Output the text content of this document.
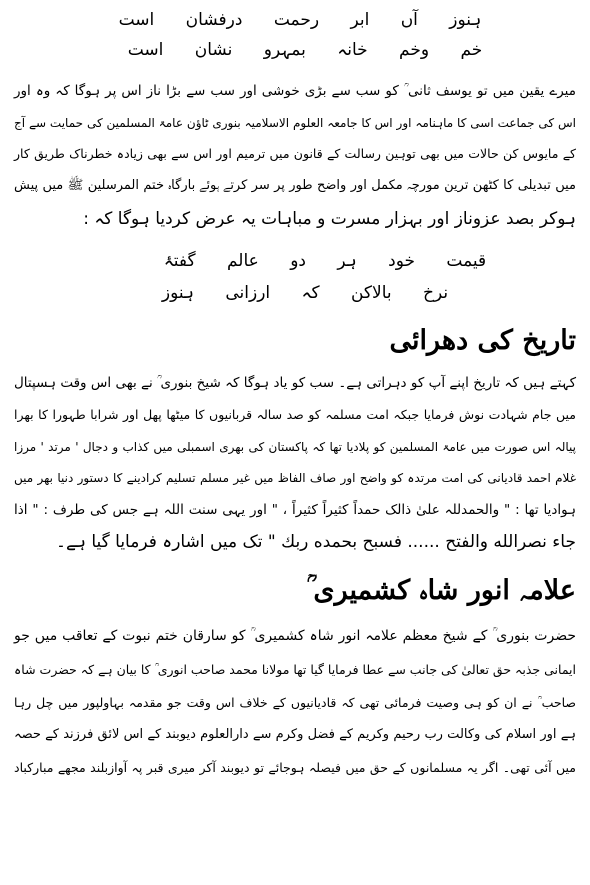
ہنوز آں ابر رحمت درفشان است
خم وخم خانہ بمہرو نشان است
میرے یقین میں تو یوسف ثانی ؒ کو سب سے بڑی خوشی اور سب سے بڑا ناز اس پر ہوگا کہ وہ اور
اس کی جماعت اسی کا ماہنامہ اور اس کا جامعہ العلوم الاسلامیہ بنوری ٹاؤن عامۃ المسلمین کی حمایت سے آج
کے مایوس کن حالات میں بھی توہین رسالت کے قانون میں ترمیم اور اس سے بھی زیادہ خطرناک طریق کار
میں تبدیلی کا کٹھن ترین مورچہ مکمل اور واضح طور پر سر کرتے ہوئے بارگاہ ختم المرسلین ﷺ میں پیش
ہوکر بصد عزوناز اور بہزار مسرت و مباہات یہ عرض کردیا ہوگا کہ :
قیمت خود ہر دو عالم گفتۂ
نرخ بالاکن کہ ارزانی ہنوز
تاریخ کی دھرائی
کہتے ہیں کہ تاریخ اپنے آپ کو دہراتی ہے۔ سب کو یاد ہوگا کہ شیخ بنوری ؒ نے بھی اس وقت ہسپتال
میں جام شہادت نوش فرمایا جبکہ امت مسلمہ کو صد سالہ قربانیوں کا میٹھا پھل اور شرابا طہورا کا بھرا
پیالہ اس صورت میں عامۃ المسلمین کو پلادیا تھا کہ پاکستان کی بھری اسمبلی میں کذاب و دجال ' مرتد ' مرزا
غلام احمد قادیانی کی امت مرتدہ کو واضح اور صاف الفاظ میں غیر مسلم تسلیم کرادینے کا دستور دنیا بھر میں
ہوادیا تھا : " والحمدللہ علیٰ ذالک حمداً کثیراً کثیراً ، " اور یہی سنت اللہ ہے جس کی طرف : " اذا
جاء نصرالله والفتح ...... فسبح بحمده ربك " تک میں اشارہ فرمایا گیا ہے۔
علامہ انور شاہ کشمیری ؒ
حضرت بنوری ؒ کے شیخ معظم علامہ انور شاہ کشمیری ؒ کو سارقان ختم نبوت کے تعاقب میں جو
ایمانی جذبہ حق تعالیٰ کی جانب سے عطا فرمایا گیا تھا مولانا محمد صاحب انوری ؒ کا بیان ہے کہ حضرت شاہ
صاحب ؒ نے ان کو ہی وصیت فرمائی تھی کہ قادیانیوں کے خلاف اس وقت جو مقدمہ بہاولپور میں چل رہا
ہے اور اسلام کی وکالت رب رحیم وکریم کے فضل وکرم سے دارالعلوم دیوبند کے اس لائق فرزند کے حصہ
میں آئی تھی۔ اگر یہ مسلمانوں کے حق میں فیصلہ ہوجائے تو دیوبند آکر میری قبر پہ آوازبلند مجھے مبارکباد
